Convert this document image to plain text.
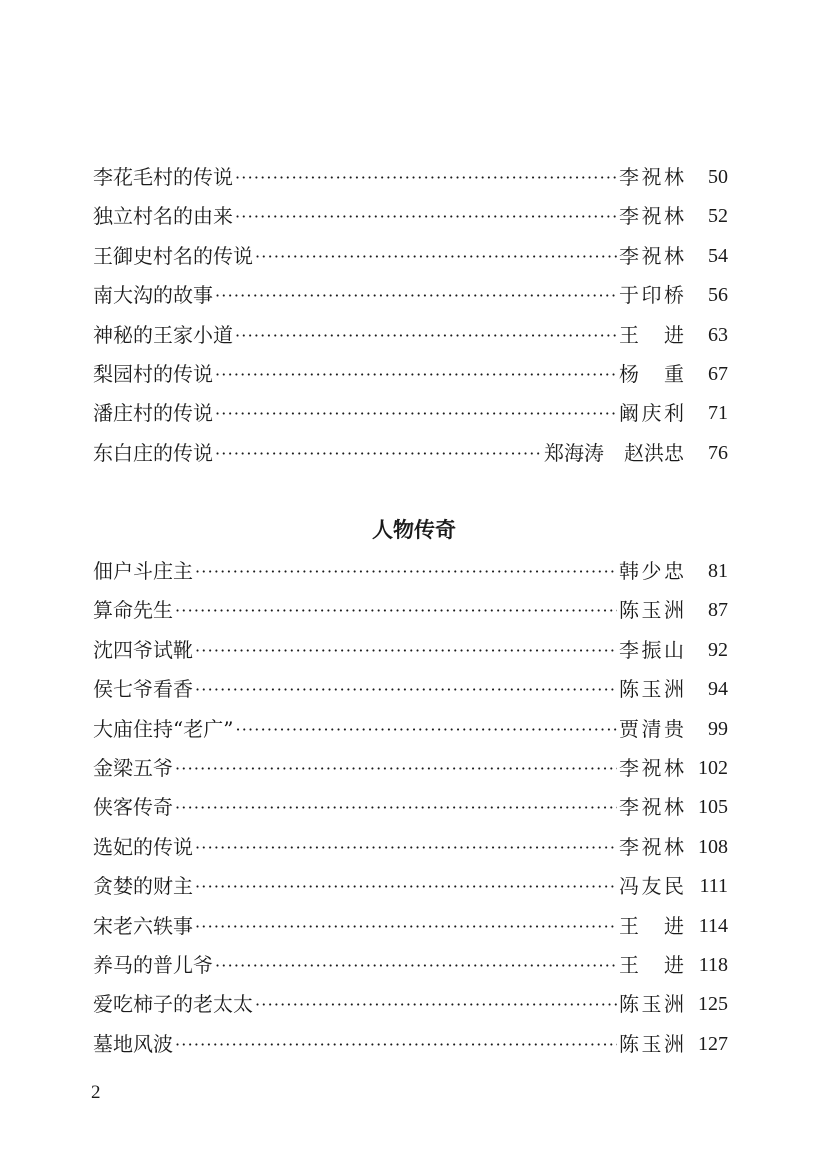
李花毛村的传说 ·····	李祝林	50
独立村名的由来 ·····	李祝林	52
王御史村名的传说 ·····	李祝林	54
南大沟的故事 ·····	于印桥	56
神秘的王家小道 ·····	王　进	63
梨园村的传说 ·····	杨　重	67
潘庄村的传说 ·····	阚庆利	71
东白庄的传说 ·····	郑海涛　赵洪忠	76
人物传奇
佃户斗庄主 ·····	韩少忠	81
算命先生 ·····	陈玉洲	87
沈四爷试靴 ·····	李振山	92
侯七爷看香 ·····	陈玉洲	94
大庙住持“老广” ·····	贾清贵	99
金梁五爷 ·····	李祝林 102
侠客传奇 ·····	李祝林 105
选妃的传说 ·····	李祝林 108
贪婪的财主 ·····	冯友民 111
宋老六轶事 ·····	王　进 114
养马的普儿爷 ·····	王　进 118
爱吃柿子的老太太 ·····	陈玉洲 125
墓地风波 ·····	陈玉洲 127
2
